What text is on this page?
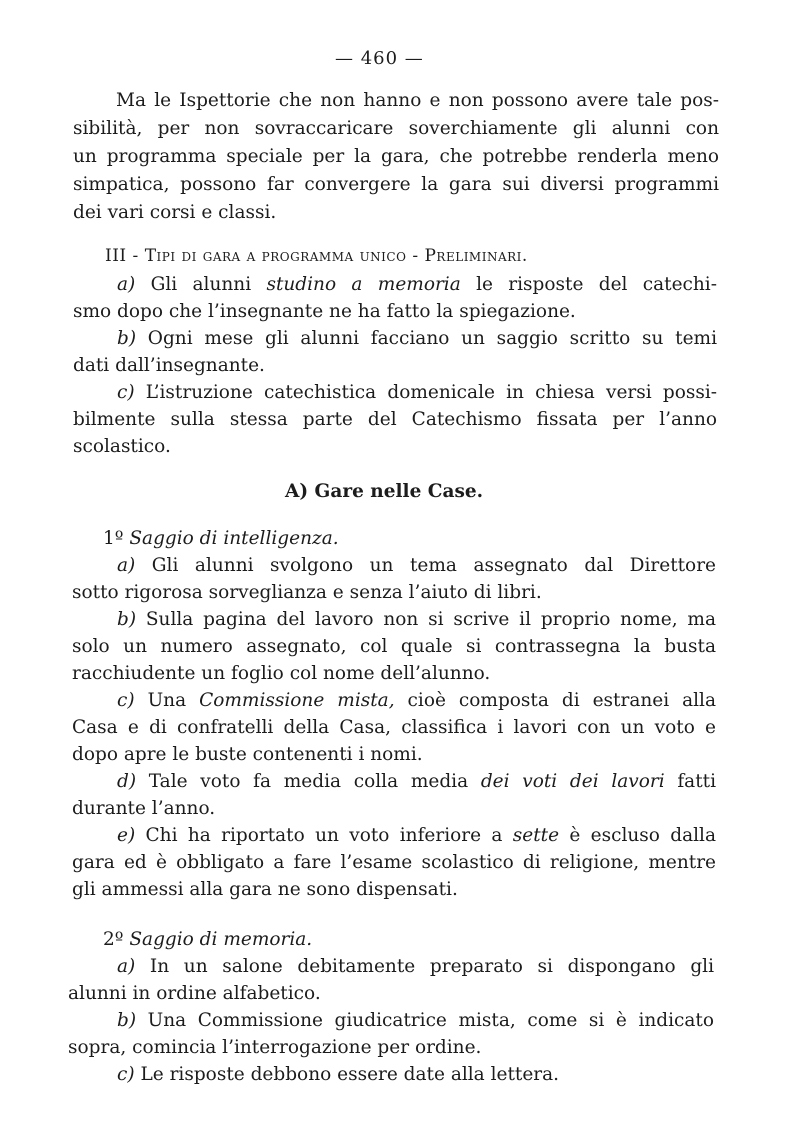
— 460 —

Ma le Ispettorie che non hanno e non possono avere tale pos-

sibilità, per non sovraccaricare soverchiamente gli alunni con

un programma speciale per la gara, che potrebbe renderla meno

simpatica, possono far convergere la gara sui diversi programmi

dei vari corsi e classi.

III - Tipi di gara a programma unico - Preliminari.

a) Gli alunni studino a memoria le risposte del catechi-

smo dopo che l’insegnante ne ha fatto la spiegazione.

b) Ogni mese gli alunni facciano un saggio scritto su temi

dati dall’insegnante.

c) L’istruzione catechistica domenicale in chiesa versi possi-

bilmente sulla stessa parte del Catechismo fissata per l’anno

scolastico.

A) Gare nelle Case.

1º Saggio di intelligenza.

a) Gli alunni svolgono un tema assegnato dal Direttore

sotto rigorosa sorveglianza e senza l’aiuto di libri.

b) Sulla pagina del lavoro non si scrive il proprio nome, ma

solo un numero assegnato, col quale si contrassegna la busta

racchiudente un foglio col nome dell’alunno.

c) Una Commissione mista, cioè composta di estranei alla

Casa e di confratelli della Casa, classifica i lavori con un voto e

dopo apre le buste contenenti i nomi.

d) Tale voto fa media colla media dei voti dei lavori fatti

durante l’anno.

e) Chi ha riportato un voto inferiore a sette è escluso dalla

gara ed è obbligato a fare l’esame scolastico di religione, mentre

gli ammessi alla gara ne sono dispensati.

2º Saggio di memoria.

a) In un salone debitamente preparato si dispongano gli

alunni in ordine alfabetico.

b) Una Commissione giudicatrice mista, come si è indicato

sopra, comincia l’interrogazione per ordine.

c) Le risposte debbono essere date alla lettera.
